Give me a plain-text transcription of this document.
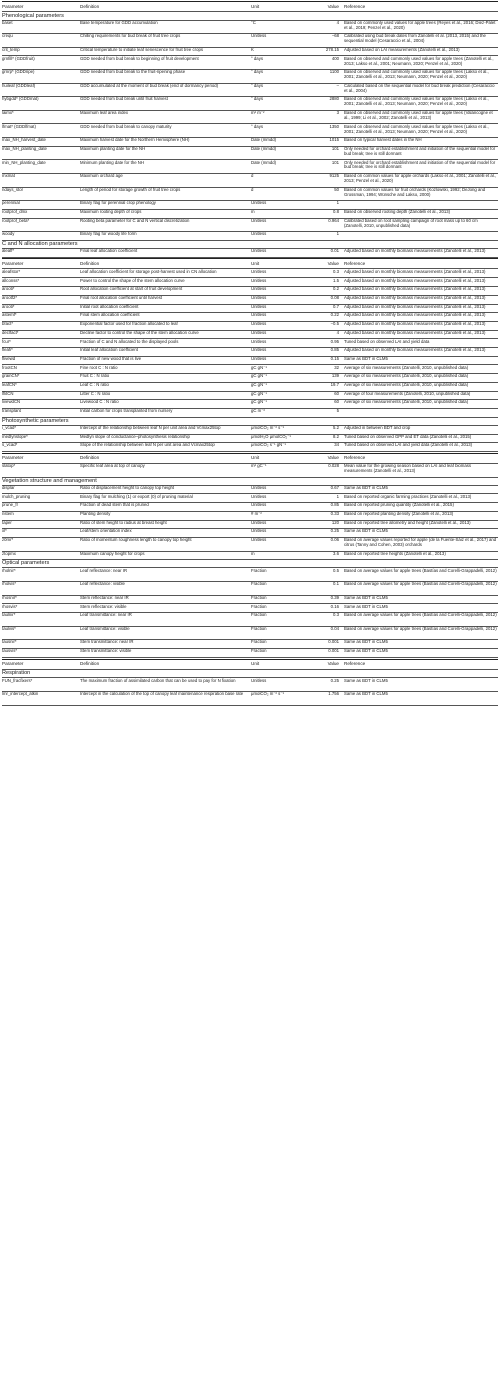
Parameter	Definition	Unit	Value Reference
Phenological parameters
baset	Base temperature for GDD accumulation	°C	4 Based on commonly used values for apple trees (Reyes et al., 2016; Díez-Palet et al., 2019; Penzel et al., 2020)
crequ	Chilling requirements for bud break of fruit tree crops	Unitless	−68 Calibrated using bud break dates from Zanotelli et al. (2013, 2015) and the sequential model (Cesaraccio et al., 2004)
crit_temp	Critical temperature to initiate leaf senescence for fruit tree crops	K	278.15 Adjusted based on LAI measurements (Zanotelli et al., 2013)
grnfill* (GDDfruit)	GDD needed from bud break to beginning of fruit development	° days	400 Based on observed and commonly used values for apple trees (Zanotelli et al., 2013; Lakso et al., 2001; Neumann, 2020; Penzel et al., 2020)
grnrp* (GDDripe)	GDD needed from bud break to the fruit-ripening phase	° days	1100 Based on observed and commonly used values for apple trees (Lakso et al., 2001; Zanotelli et al., 2013; Neumann, 2020; Penzel et al., 2020)
huileaf (GDDleaf)	GDD accumulated at the moment of bud break (end of dormancy period)	° days	– Calculated based on the sequential model for bud break prediction (Cesaraccio et al., 2004)
hybgdd* (GDDmat)	GDD needed from bud break until fruit harvest	° days	2880 Based on observed and commonly used values for apple trees (Lakso et al., 2001; Zanotelli et al., 2013; Neumann, 2020; Penzel et al., 2020)
laimx*	Maximum leaf area index	m² m⁻²	3 Based on observed and commonly used values for apple trees (Valancogne et al., 1999; Li et al., 2002; Zanotelli et al., 2013)
lfmat* (GDDlfmat)	GDD needed from bud break to canopy maturity	° days	1350 Based on observed and commonly used values for apple trees (Lakso et al., 2001; Zanotelli et al., 2013; Neumann, 2020; Penzel et al., 2020)
max_NH_harvest_date	Maximum harvest date for the Northern Hemisphere (NH)	Date (mmdd)	1015 Based on typical harvest dates in the NH
max_NH_planting_date	Maximum planting date for the NH	Date (mmdd)	101 Only needed for orchard establishment and initiation of the sequential model for bud break; tree is still dormant
min_NH_planting_date	Minimum planting date for the NH	Date (mmdd)	101 Only needed for orchard establishment and initiation of the sequential model for bud break; tree is still dormant
mxmat	Maximum orchard age	d	9125 Based on common values for apple orchards (Lakso et al., 2001; Zanotelli et al., 2013; Penzel et al., 2020)
ndays_stor	Length of period for storage growth of fruit tree crops	d	50 Based on common values for fruit orchards (Kozlowski, 1992; DeJong and Grossman, 1994; Wünsche and Lakso, 2000)
perennial	Binary flag for perennial crop phenology	Unitless	1
rootprof_dmx	Maximum rooting depth of crops	m	0.8 Based on observed rooting depth (Zanotelli et al., 2013)
rootprof_beta*	Rooting beta parameter for C and N vertical discretization	Unitless	0.964 Calibrated based on root sampling campaign of root mass up to 60 cm (Zanotelli, 2010, unpublished data)
woody	Binary flag for woody life form	Unitless	1
C and N allocation parameters
aleaff*	Final leaf allocation coefficient	Unitless	0.01 Adjusted based on monthly biomass measurements (Zanotelli et al., 2013)
Parameter	Definition	Unit	Value Reference
aleafstor*	Leaf allocation coefficient for storage post-harvest used in CN allocation	Unitless	0.3 Adjusted based on monthly biomass measurements (Zanotelli et al., 2013)
allconss*	Power to control the shape of the stem allocation curve	Unitless	1.5 Adjusted based on monthly biomass measurements (Zanotelli et al., 2013)
arooti*	Root allocation coefficient at start of fruit development	Unitless	0.2 Adjusted based on monthly biomass measurements (Zanotelli et al., 2013)
arootf2*	Final root allocation coefficient until harvest	Unitless	0.08 Adjusted based on monthly biomass measurements (Zanotelli et al., 2013)
arooti*	Initial root allocation coefficient	Unitless	0.7 Adjusted based on monthly biomass measurements (Zanotelli et al., 2013)
astemf*	Final stem allocation coefficient	Unitless	0.22 Adjusted based on monthly biomass measurements (Zanotelli et al., 2013)
bfact*	Exponential factor used for fraction allocated to leaf	Unitless	−0.5 Adjusted based on monthly biomass measurements (Zanotelli et al., 2013)
declfact*	Decline factor to control the shape of the stem allocation curve	Unitless	4 Adjusted based on monthly biomass measurements (Zanotelli et al., 2013)
fcur*	Fraction of C and N allocated to the displayed pools	Unitless	0.95 Tuned based on observed LAI and yield data
fleafi*	Initial leaf allocation coefficient	Unitless	0.85 Adjusted based on monthly biomass measurements (Zanotelli et al., 2013)
flivewd	Fraction of new wood that is live	Unitless	0.15 Same as BDT in CLM5
frootCN	Fine root C : N ratio	gC gN⁻¹	32 Average of six measurements (Zanotelli, 2010, unpublished data)
grainCN*	Fruit C : N ratio	gC gN⁻¹	139 Average of six measurements (Zanotelli, 2010, unpublished data)
leafCN*	Leaf C : N ratio	gC gN⁻¹	19.7 Average of six measurements (Zanotelli, 2010, unpublished data)
lflitCN	Litter C : N ratio	gC gN⁻¹	60 Average of four measurements (Zanotelli, 2010, unpublished data)
livewdCN	Livewood C : N ratio	gC gN⁻¹	60 Average of six measurements (Zanotelli, 2010, unpublished data)
transplant	Initial carbon for crops transplanted from nursery	gC m⁻²	5
Photosynthetic parameters
i_vcad*	Intercept of the relationship between leaf N per unit area and Vcmax25top	μmolCO₂ m⁻² s⁻¹	5.2 Adjusted in between BDT and crop
medlynslope*	Medlyn slope of conductance–photosynthesis relationship	μmolH₂O μmolCO₂⁻¹	8.2 Tuned based on observed GPP and ET data (Zanotelli et al., 2015)
s_vcad*	Slope of the relationship between leaf N per unit area and Vcmax25top	μmolCO₂ s⁻¹ gN⁻¹	34 Tuned based on observed LAI and yield data (Zanotelli et al., 2013)
Parameter	Definition	Unit	Value Reference
slatop*	Specific leaf area at top of canopy	m² gC⁻¹	0.028 Mean value for the growing season based on LAI and leaf biomass measurements (Zanotelli et al., 2013)
Vegetation structure and management
displar	Ratio of displacement height to canopy top height	Unitless	0.67 Same as BDT in CLM5
mulch_pruning	Binary flag for mulching (1) or export (0) of pruning material	Unitless	1 Based on reported organic farming practices (Zanotelli et al., 2013)
prune_fr	Fraction of dead stem that is pruned	Unitless	0.85 Based on reported pruning quantity (Zanotelli et al., 2015)
nstem	Planting density	# m⁻²	0.33 Based on reported planting density (Zanotelli et al., 2013)
taper	Ratio of stem height to radius at breast height	Unitless	120 Based on reported tree allometry and height (Zanotelli et al., 2013)
xl*	Leaf/stem orientation index	Unitless	0.25 Same as BDT in CLM5
z0mr*	Ratio of momentum roughness length to canopy top height	Unitless	0.06 Based on average values reported for apple (de la Fuente-Sáiz et al., 2017) and citrus (Tanny and Cohen, 2003) orchards
ztopmx	Maximum canopy height for crops	m	3.6 Based on reported tree heights (Zanotelli et al., 2013)
Optical parameters
rholnir*	Leaf reflectance: near IR	Fraction	0.5 Based on average values for apple trees (Bastías and Corelli-Grappadelli, 2012)
rholvis*	Leaf reflectance: visible	Fraction	0.1 Based on average values for apple trees (Bastías and Corelli-Grappadelli, 2012)
rhosnir*	Stem reflectance: near IR	Fraction	0.39 Same as BDT in CLM5
rhosvis*	Stem reflectance: visible	Fraction	0.16 Same as BDT in CLM5
taulnir*	Leaf transmittance: near IR	Fraction	0.3 Based on average values for apple trees (Bastías and Corelli-Grappadelli, 2012)
taulvis*	Leaf transmittance: visible	Fraction	0.04 Based on average values for apple trees (Bastías and Corelli-Grappadelli, 2012)
tausnir*	Stem transmittance: near IR	Fraction	0.001 Same as BDT in CLM5
tausvis*	Stem transmittance: visible	Fraction	0.001 Same as BDT in CLM5
Parameter	Definition	Unit	Value Reference
Respiration
FUN_fracfixers*	The maximum fraction of assimilated carbon that can be used to pay for N fixation	Unitless	0.25 Same as BDT in CLM5
lmr_intercept_atkin	Intercept in the calculation of the top of canopy leaf maintenance respiration base rate	μmolCO₂ m⁻² s⁻¹	1.756 Same as BDT in CLM5
